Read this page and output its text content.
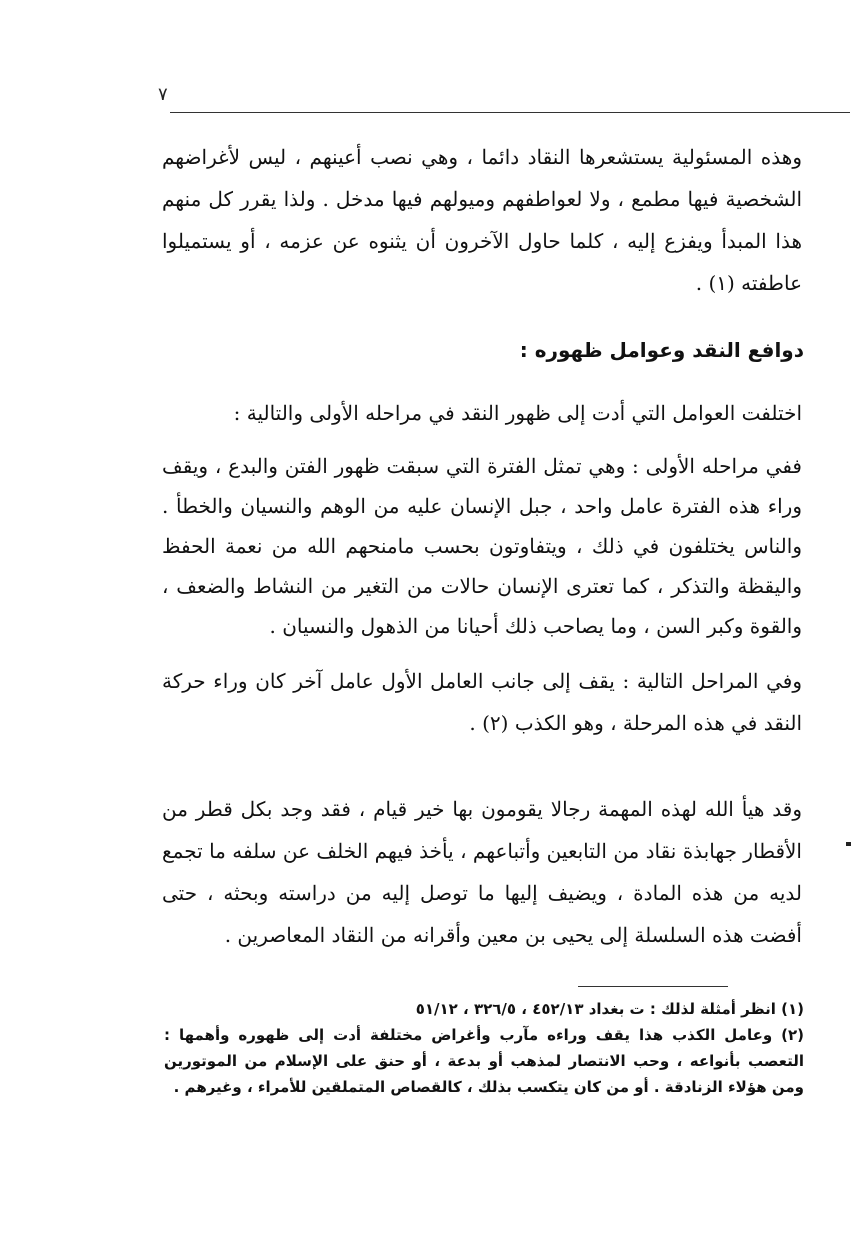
٧

وهذه المسئولية يستشعرها النقاد دائما ، وهي نصب أعينهم ، ليس لأغراضهم الشخصية فيها مطمع ، ولا لعواطفهم وميولهم فيها مدخل . ولذا يقرر كل منهم هذا المبدأ ويفزع إليه ، كلما حاول الآخرون أن يثنوه عن عزمه ، أو يستميلوا عاطفته (١) .

دوافع النقد وعوامل ظهوره :

اختلفت العوامل التي أدت إلى ظهور النقد في مراحله الأولى والتالية :

ففي مراحله الأولى : وهي تمثل الفترة التي سبقت ظهور الفتن والبدع ، ويقف وراء هذه الفترة عامل واحد ، جبل الإنسان عليه من الوهم والنسيان والخطأ . والناس يختلفون في ذلك ، ويتفاوتون بحسب مامنحهم الله من نعمة الحفظ واليقظة والتذكر ، كما تعترى الإنسان حالات من التغير من النشاط والضعف ، والقوة وكبر السن ، وما يصاحب ذلك أحيانا من الذهول والنسيان .

وفي المراحل التالية : يقف إلى جانب العامل الأول عامل آخر كان وراء حركة النقد في هذه المرحلة ، وهو الكذب (٢) .

وقد هيأ الله لهذه المهمة رجالا يقومون بها خير قيام ، فقد وجد بكل قطر من الأقطار جهابذة نقاد من التابعين وأتباعهم ، يأخذ فيهم الخلف عن سلفه ما تجمع لديه من هذه المادة ، ويضيف إليها ما توصل إليه من دراسته وبحثه ، حتى أفضت هذه السلسلة إلى يحيى بن معين وأقرانه من النقاد المعاصرين .

(١) انظر أمثلة لذلك : ت بغداد ٤٥٢/١٣ ، ٣٢٦/٥ ، ٥١/١٢

(٢) وعامل الكذب هذا يقف وراءه مآرب وأغراض مختلفة أدت إلى ظهوره وأهمها : التعصب بأنواعه ، وحب الانتصار لمذهب أو بدعة ، أو حنق على الإسلام من الموتورين ومن هؤلاء الزنادقة . أو من كان يتكسب بذلك ، كالقصاص المتملقين للأمراء ، وغيرهم .
